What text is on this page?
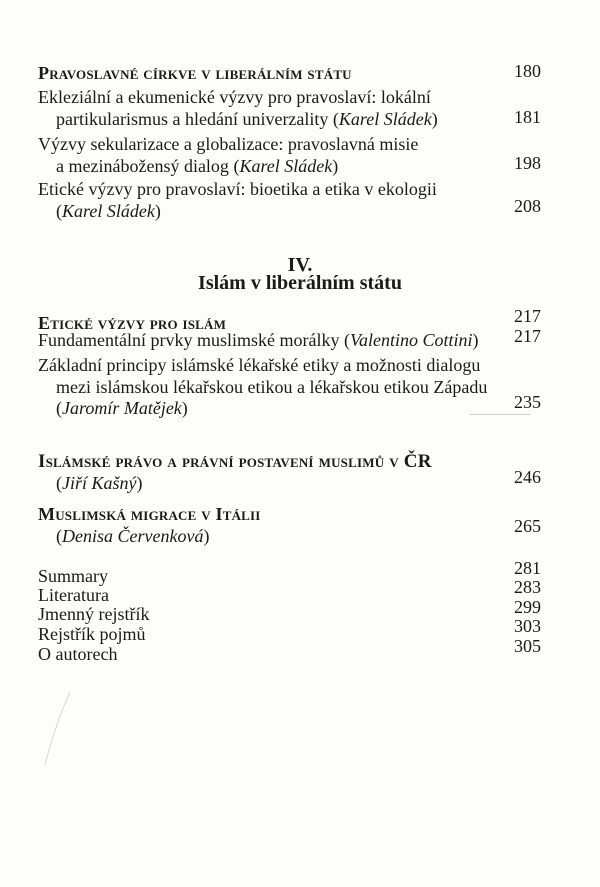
Pravoslavné církve v liberálním státu	180
Ekleziální a ekumenické výzvy pro pravoslaví: lokální
partikularismus a hledání univerzality (Karel Sládek)	181
Výzvy sekularizace a globalizace: pravoslavná misie
a mezinábožensý dialog (Karel Sládek)	198
Etické výzvy pro pravoslaví: bioetika a etika v ekologii
(Karel Sládek)	208
IV.
Islám v liberálním státu
Etické výzvy pro islám	217
Fundamentální prvky muslimské morálky (Valentino Cottini) 217
Základní principy islámské lékařské etiky a možnosti dialogu
mezi islámskou lékařskou etikou a lékařskou etikou Západu
(Jaromír Matějek)	235
Islámské právo a právní postavení muslimů v ČR
(Jiří Kašný)	246
Muslimská migrace v Itálii
(Denisa Červenková)	265
Summary	281
Literatura	283
Jmenný rejstřík	299
Rejstřík pojmů	303
O autorech	305
